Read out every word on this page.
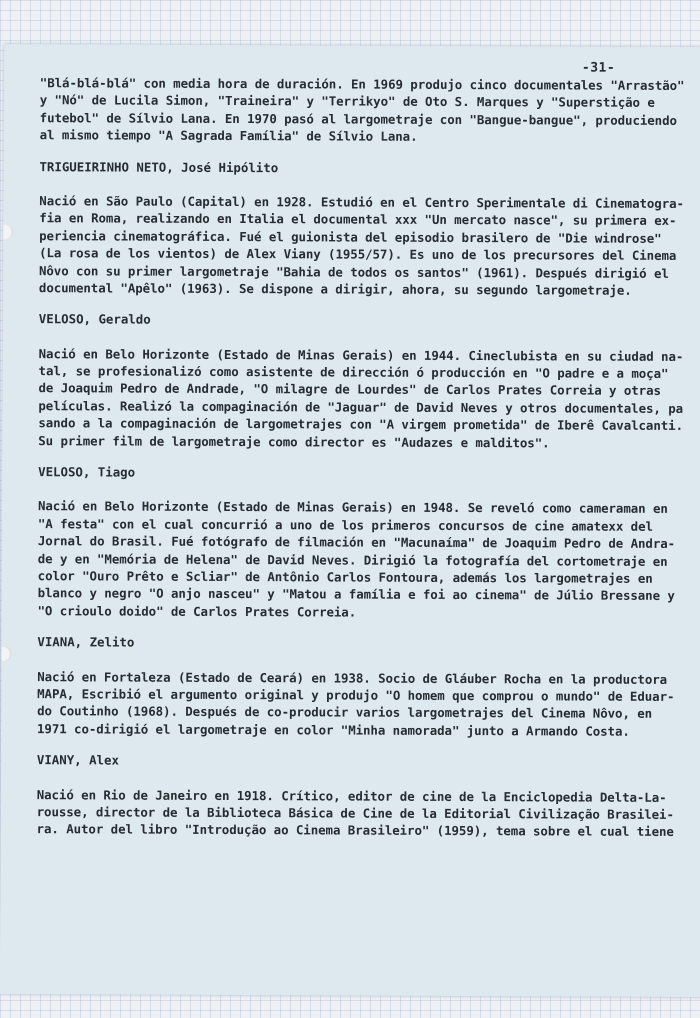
-31-
"Blá-blá-blá" con media hora de duración. En 1969 produjo cinco documentales "Arrastão"
y "Nó" de Lucila Simon, "Traineira" y "Terrikyo" de Oto S. Marques y "Superstição e
futebol" de Sílvio Lana. En 1970 pasó al largometraje con "Bangue-bangue", produciendo
al mismo tiempo "A Sagrada Família" de Sílvio Lana.
TRIGUEIRINHO NETO, José Hipólito
Nació en São Paulo (Capital) en 1928. Estudió en el Centro Sperimentale di Cinematogra-
fia en Roma, realizando en Italia el documental xxx "Un mercato nasce", su primera ex-
periencia cinematográfica. Fué el guionista del episodio brasilero de "Die windrose"
(La rosa de los vientos) de Alex Viany (1955/57). Es uno de los precursores del Cinema
Nôvo con su primer largometraje "Bahia de todos os santos" (1961). Después dirigió el
documental "Apêlo" (1963). Se dispone a dirigir, ahora, su segundo largometraje.
VELOSO, Geraldo
Nació en Belo Horizonte (Estado de Minas Gerais) en 1944. Cineclubista en su ciudad na-
tal, se profesionalizó como asistente de dirección ó producción en "O padre e a moça"
de Joaquim Pedro de Andrade, "O milagre de Lourdes" de Carlos Prates Correia y otras
películas. Realizó la compaginación de "Jaguar" de David Neves y otros documentales, pa
sando a la compaginación de largometrajes con "A virgem prometida" de Iberê Cavalcanti.
Su primer film de largometraje como director es "Audazes e malditos".
VELOSO, Tiago
Nació en Belo Horizonte (Estado de Minas Gerais) en 1948. Se reveló como cameraman en
"A festa" con el cual concurrió a uno de los primeros concursos de cine amatexx del
Jornal do Brasil. Fué fotógrafo de filmación en "Macunaíma" de Joaquim Pedro de Andra-
de y en "Memória de Helena" de David Neves. Dirigió la fotografía del cortometraje en
color "Ouro Prêto e Scliar" de Antônio Carlos Fontoura, además los largometrajes en
blanco y negro "O anjo nasceu" y "Matou a família e foi ao cinema" de Júlio Bressane y
"O crioulo doido" de Carlos Prates Correia.
VIANA, Zelito
Nació en Fortaleza (Estado de Ceará) en 1938. Socio de Gláuber Rocha en la productora
MAPA, Escribió el argumento original y produjo "O homem que comprou o mundo" de Eduar-
do Coutinho (1968). Después de co-producir varios largometrajes del Cinema Nôvo, en
1971 co-dirigió el largometraje en color "Minha namorada" junto a Armando Costa.
VIANY, Alex
Nació en Rio de Janeiro en 1918. Crítico, editor de cine de la Enciclopedia Delta-La-
rousse, director de la Biblioteca Básica de Cine de la Editorial Civilização Brasilei-
ra. Autor del libro "Introdução ao Cinema Brasileiro" (1959), tema sobre el cual tiene
